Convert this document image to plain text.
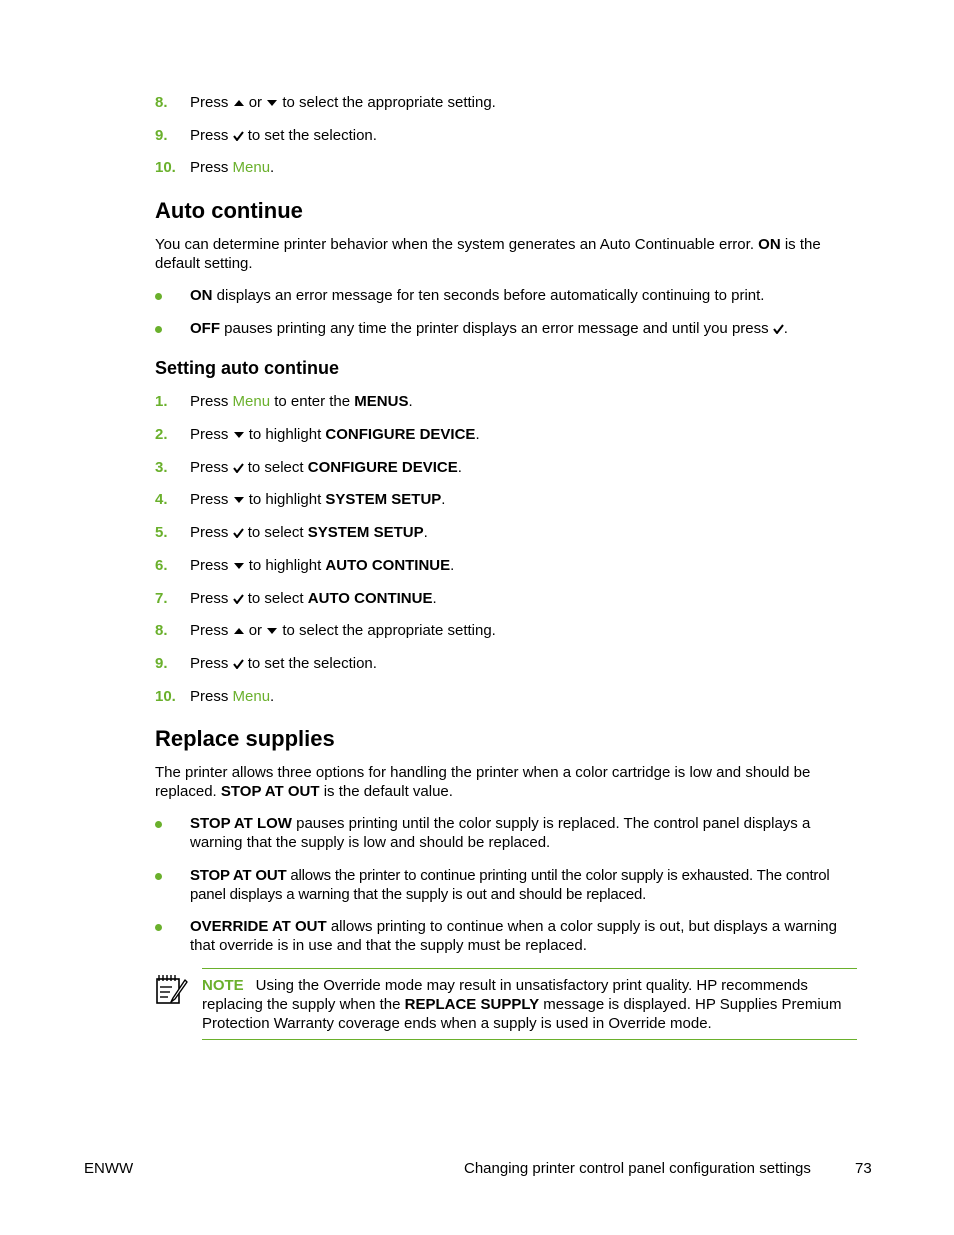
8. Press or to select the appropriate setting.
9. Press to set the selection.
10. Press Menu.
Auto continue
You can determine printer behavior when the system generates an Auto Continuable error. ON is the default setting.
ON displays an error message for ten seconds before automatically continuing to print.
OFF pauses printing any time the printer displays an error message and until you press .
Setting auto continue
1. Press Menu to enter the MENUS.
2. Press to highlight CONFIGURE DEVICE.
3. Press to select CONFIGURE DEVICE.
4. Press to highlight SYSTEM SETUP.
5. Press to select SYSTEM SETUP.
6. Press to highlight AUTO CONTINUE.
7. Press to select AUTO CONTINUE.
8. Press or to select the appropriate setting.
9. Press to set the selection.
10. Press Menu.
Replace supplies
The printer allows three options for handling the printer when a color cartridge is low and should be replaced. STOP AT OUT is the default value.
STOP AT LOW pauses printing until the color supply is replaced. The control panel displays a warning that the supply is low and should be replaced.
STOP AT OUT allows the printer to continue printing until the color supply is exhausted. The control panel displays a warning that the supply is out and should be replaced.
OVERRIDE AT OUT allows printing to continue when a color supply is out, but displays a warning that override is in use and that the supply must be replaced.
NOTE Using the Override mode may result in unsatisfactory print quality. HP recommends replacing the supply when the REPLACE SUPPLY message is displayed. HP Supplies Premium Protection Warranty coverage ends when a supply is used in Override mode.
ENWW	Changing printer control panel configuration settings	73
